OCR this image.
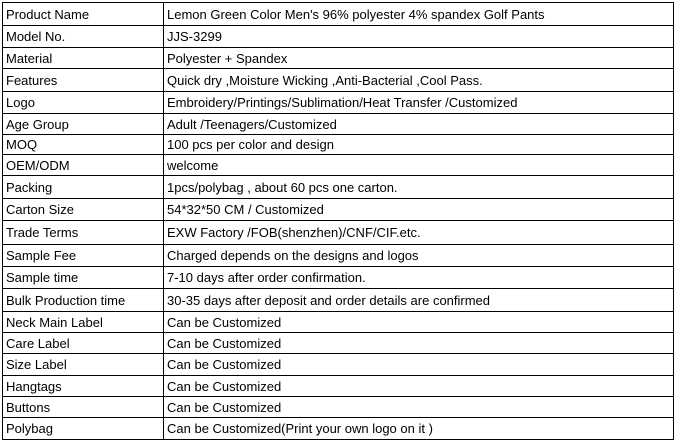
Product Name	Lemon Green Color Men's 96% polyester 4% spandex Golf Pants
Model No.	JJS-3299
Material	Polyester + Spandex
Features	Quick dry ,Moisture Wicking ,Anti-Bacterial ,Cool Pass.
Logo	Embroidery/Printings/Sublimation/Heat Transfer /Customized
Age Group	Adult /Teenagers/Customized
MOQ	100 pcs per color and design
OEM/ODM	welcome
Packing	1pcs/polybag , about 60 pcs one carton.
Carton Size	54*32*50 CM / Customized
Trade Terms	EXW Factory /FOB(shenzhen)/CNF/CIF.etc.
Sample Fee	Charged depends on the designs and logos
Sample time	7-10 days after order confirmation.
Bulk Production time	30-35 days after deposit and order details are confirmed
Neck Main Label	Can be Customized
Care Label	Can be Customized
Size Label	Can be Customized
Hangtags	Can be Customized
Buttons	Can be Customized
Polybag	Can be Customized(Print your own logo on it )
